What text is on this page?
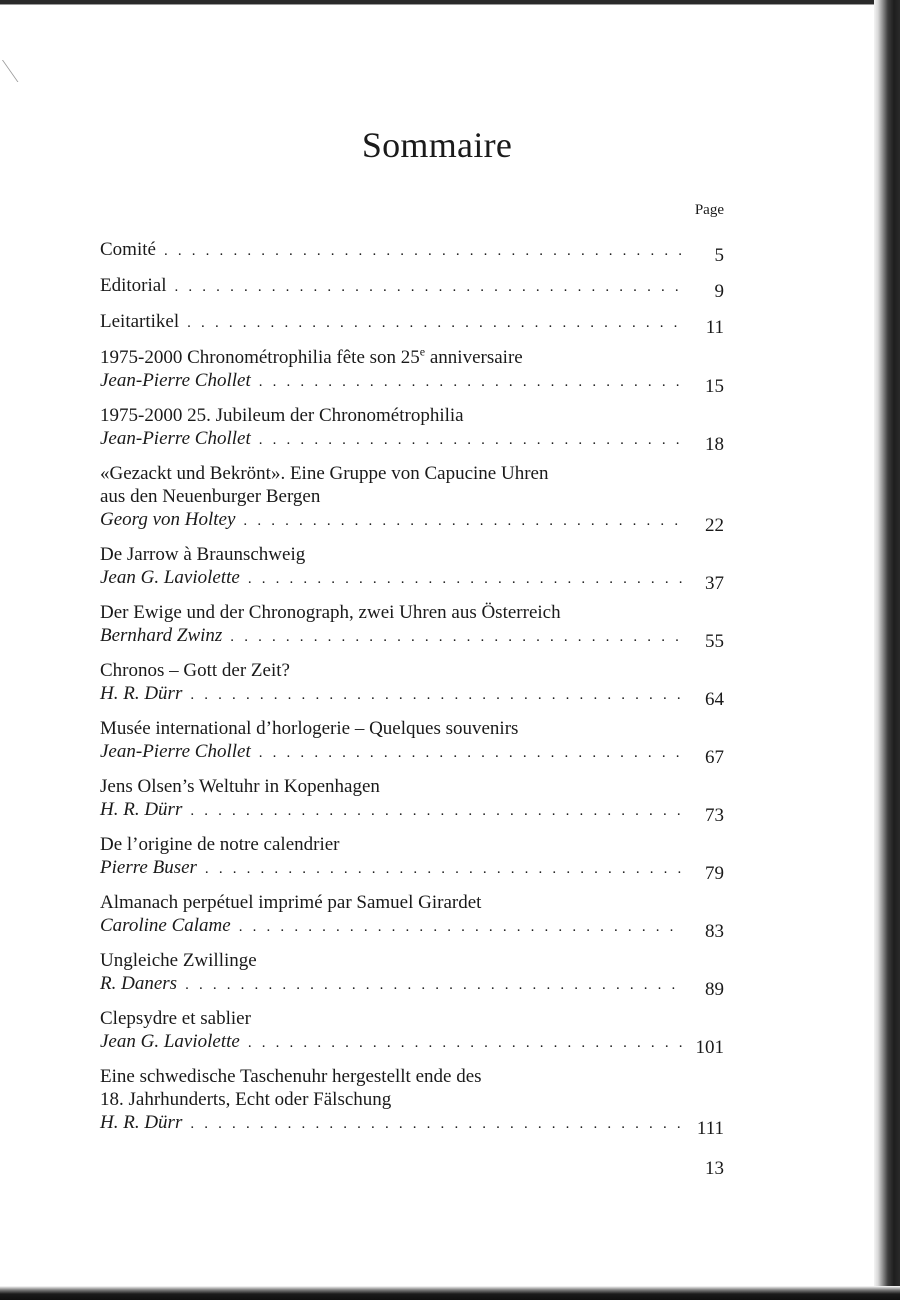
Sommaire
Page
Comité . . .	5
Editorial . . .	9
Leitartikel . . .	11
1975-2000 Chronométrophilia fête son 25e anniversaire
Jean-Pierre Chollet . . .	15
1975-2000 25. Jubileum der Chronométrophilia
Jean-Pierre Chollet . . .	18
«Gezackt und Bekrönt». Eine Gruppe von Capucine Uhren
aus den Neuenburger Bergen
Georg von Holtey . . .	22
De Jarrow à Braunschweig
Jean G. Laviolette . . .	37
Der Ewige und der Chronograph, zwei Uhren aus Österreich
Bernhard Zwinz . . .	55
Chronos – Gott der Zeit?
H. R. Dürr . . .	64
Musée international d’horlogerie – Quelques souvenirs
Jean-Pierre Chollet . . .	67
Jens Olsen’s Weltuhr in Kopenhagen
H. R. Dürr . . .	73
De l’origine de notre calendrier
Pierre Buser . . .	79
Almanach perpétuel imprimé par Samuel Girardet
Caroline Calame . . .	83
Ungleiche Zwillinge
R. Daners . . .	89
Clepsydre et sablier
Jean G. Laviolette . . .	101
Eine schwedische Taschenuhr hergestellt ende des
18. Jahrhunderts, Echt oder Fälschung
H. R. Dürr . . .	111
13
